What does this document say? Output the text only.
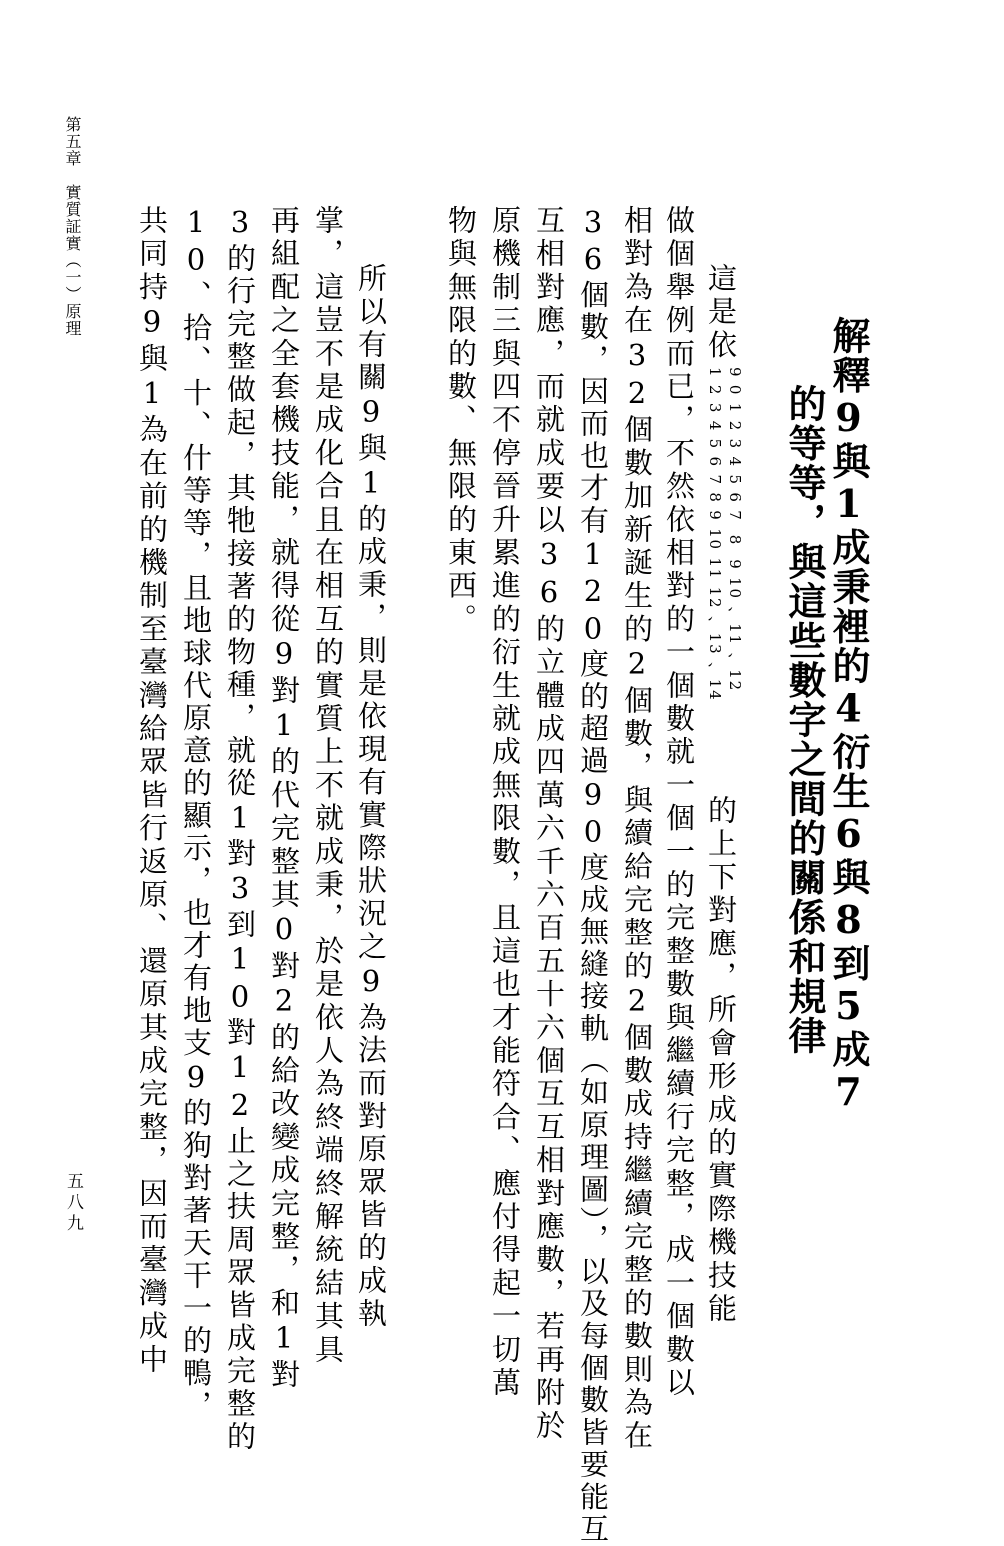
解釋9與1成秉裡的4衍生6與8到5成7
的等等，與這些數字之間的關係和規律
這是依
9 0 1 2 3 4 5 6 7  8  9 10 、11 、12
1 2 3 4 5 6 7 8 9 10 11 12 、13 、14
的上下對應，所會形成的實際機技能
做個舉例而已，不然依相對的一個數就一個一的完整數與繼續行完整，成一個數以
相對為在32個數加新誕生的2個數，與續給完整的2個數成持繼續完整的數則為在
36個數，因而也才有120度的超過90度成無縫接軌（如原理圖），以及每個數皆要能互
互相對應，而就成要以36的立體成四萬六千六百五十六個互互相對應數，若再附於
原機制三與四不停晉升累進的衍生就成無限數，且這也才能符合、應付得起一切萬
物與無限的數、無限的東西。
所以有關9與1的成秉，則是依現有實際狀況之9為法而對原眾皆的成執
掌，這豈不是成化合且在相互的實質上不就成秉，於是依人為終端終解統結其具
再組配之全套機技能，就得從9對1的代完整其0對2的給改變成完整，和1對
3的行完整做起，其牠接著的物種，就從1對3到10對12止之扶周眾皆成完整的
10、拾、十、什等等，且地球代原意的顯示，也才有地支9的狗對著天干一的鴨，
共同持9與1為在前的機制至臺灣給眾皆行返原、還原其成完整，因而臺灣成中
第五章　實質証實（一）原理
五八九
